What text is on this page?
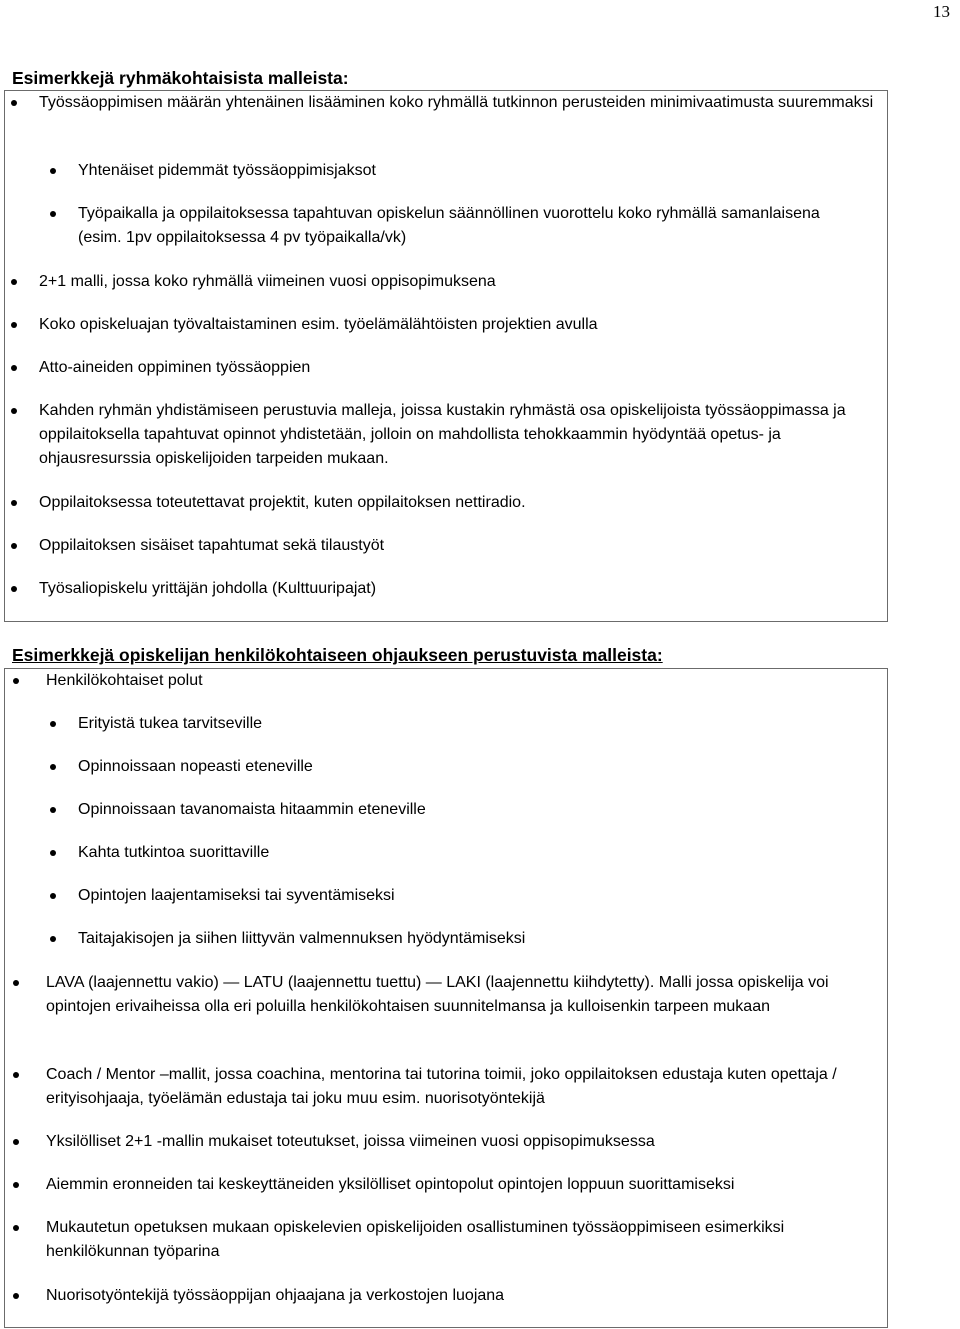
13
Esimerkkejä ryhmäkohtaisista malleista:
Työssäoppimisen määrän yhtenäinen lisääminen koko ryhmällä tutkinnon perusteiden minimivaatimusta suuremmaksi
Yhtenäiset pidemmät työssäoppimisjaksot
Työpaikalla ja oppilaitoksessa tapahtuvan opiskelun säännöllinen vuorottelu koko ryhmällä samanlaisena (esim. 1pv oppilaitoksessa 4 pv työpaikalla/vk)
2+1 malli, jossa koko ryhmällä viimeinen vuosi oppisopimuksena
Koko opiskeluajan työvaltaistaminen esim. työelämälähtöisten projektien avulla
Atto-aineiden oppiminen työssäoppien
Kahden ryhmän yhdistämiseen perustuvia malleja, joissa kustakin ryhmästä osa opiskelijoista työssäoppimassa ja oppilaitoksella tapahtuvat opinnot yhdistetään, jolloin on mahdollista tehokkaammin hyödyntää opetus- ja ohjausresurssia opiskelijoiden tarpeiden mukaan.
Oppilaitoksessa toteutettavat projektit, kuten oppilaitoksen nettiradio.
Oppilaitoksen sisäiset tapahtumat sekä tilaustyöt
Työsaliopiskelu yrittäjän johdolla (Kulttuuripajat)
Esimerkkejä opiskelijan henkilökohtaiseen ohjaukseen perustuvista malleista:
Henkilökohtaiset polut
Erityistä tukea tarvitseville
Opinnoissaan nopeasti eteneville
Opinnoissaan tavanomaista hitaammin eteneville
Kahta tutkintoa suorittaville
Opintojen laajentamiseksi tai syventämiseksi
Taitajakisojen ja siihen liittyvän valmennuksen hyödyntämiseksi
LAVA (laajennettu vakio) — LATU (laajennettu tuettu) — LAKI (laajennettu kiihdytetty). Malli jossa opiskelija voi opintojen erivaiheissa olla eri poluilla henkilökohtaisen suunnitelmansa ja kulloisenkin tarpeen mukaan
Coach / Mentor –mallit, jossa coachina, mentorina tai tutorina toimii, joko oppilaitoksen edustaja kuten opettaja / erityisohjaaja, työelämän edustaja tai joku muu esim. nuorisotyöntekijä
Yksilölliset 2+1 -mallin mukaiset toteutukset, joissa viimeinen vuosi oppisopimuksessa
Aiemmin eronneiden tai keskeyttäneiden yksilölliset opintopolut opintojen loppuun suorittamiseksi
Mukautetun opetuksen mukaan opiskelevien opiskelijoiden osallistuminen työssäoppimiseen esimerkiksi henkilökunnan työparina
Nuorisotyöntekijä työssäoppijan ohjaajana ja verkostojen luojana
